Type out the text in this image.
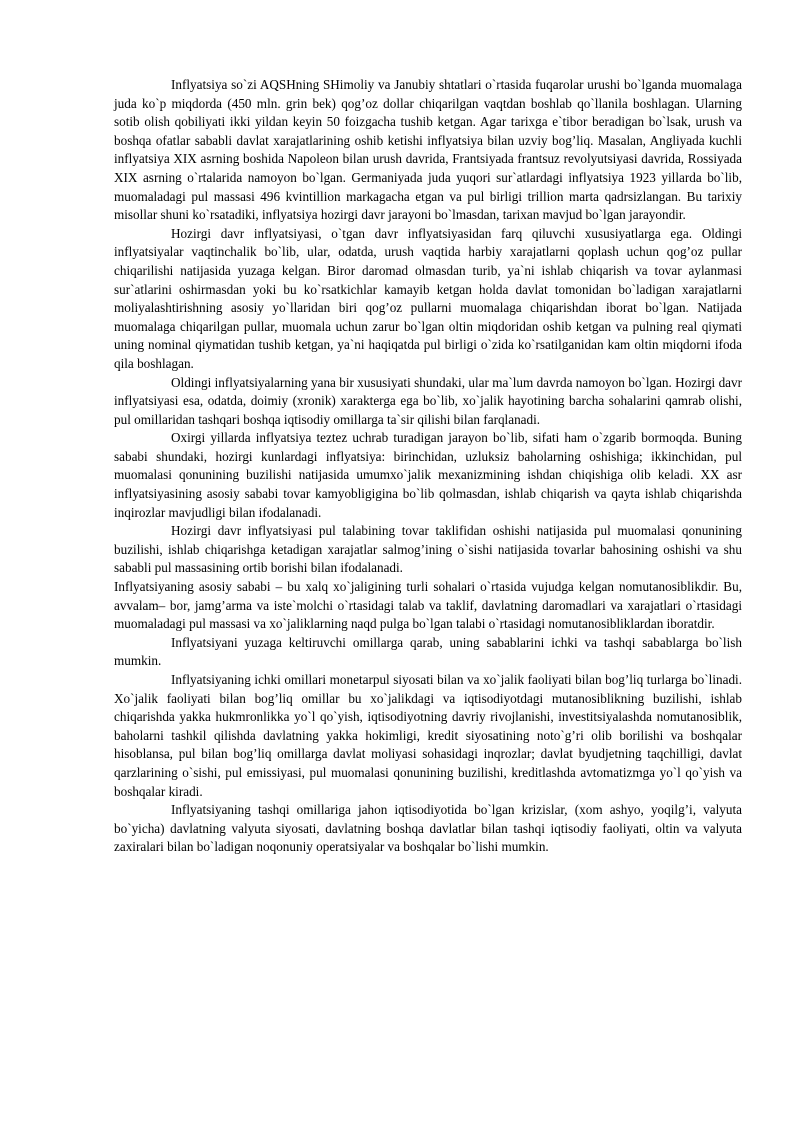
Inflyatsiya so`zi AQSHning SHimoliy va Janubiy shtatlari o`rtasida fuqarolar urushi bo`lganda muomalaga juda ko`p miqdorda (450 mln. grin bek) qog’oz dollar chiqarilgan vaqtdan boshlab qo`llanila boshlagan. Ularning sotib olish qobiliyati ikki yildan keyin 50 foizgacha tushib ketgan. Agar tarixga e`tibor beradigan bo`lsak, urush va boshqa ofatlar sababli davlat xarajatlarining oshib ketishi inflyatsiya bilan uzviy bog’liq. Masalan, Angliyada kuchli inflyatsiya XIX asrning boshida Napoleon bilan urush davrida, Frantsiyada frantsuz revolyutsiyasi davrida, Rossiyada XIX asrning o`rtalarida namoyon bo`lgan. Germaniyada juda yuqori sur`atlardagi inflyatsiya 1923 yillarda bo`lib, muomaladagi pul massasi 496 kvintillion markagacha etgan va pul birligi trillion marta qadrsizlangan. Bu tarixiy misollar shuni ko`rsatadiki, inflyatsiya hozirgi davr jarayoni bo`lmasdan, tarixan mavjud bo`lgan jarayondir.

Hozirgi davr inflyatsiyasi, o`tgan davr inflyatsiyasidan farq qiluvchi xususiyatlarga ega. Oldingi inflyatsiyalar vaqtinchalik bo`lib, ular, odatda, urush vaqtida harbiy xarajatlarni qoplash uchun qog’oz pullar chiqarilishi natijasida yuzaga kelgan. Biror daromad olmasdan turib, ya`ni ishlab chiqarish va tovar aylanmasi sur`atlarini oshirmasdan yoki bu ko`rsatkichlar kamayib ketgan holda davlat tomonidan bo`ladigan xarajatlarni moliyalashtirishning asosiy yo`llaridan biri qog’oz pullarni muomalaga chiqarishdan iborat bo`lgan. Natijada muomalaga chiqarilgan pullar, muomala uchun zarur bo`lgan oltin miqdoridan oshib ketgan va pulning real qiymati uning nominal qiymatidan tushib ketgan, ya`ni haqiqatda pul birligi o`zida ko`rsatilganidan kam oltin miqdorni ifoda qila boshlagan.

Oldingi inflyatsiyalarning yana bir xususiyati shundaki, ular ma`lum davrda namoyon bo`lgan. Hozirgi davr inflyatsiyasi esa, odatda, doimiy (xronik) xarakterga ega bo`lib, xo`jalik hayotining barcha sohalarini qamrab olishi, pul omillaridan tashqari boshqa iqtisodiy omillarga ta`sir qilishi bilan farqlanadi.

Oxirgi yillarda inflyatsiya teztez uchrab turadigan jarayon bo`lib, sifati ham o`zgarib bormoqda. Buning sababi shundaki, hozirgi kunlardagi inflyatsiya: birinchidan, uzluksiz baholarning oshishiga; ikkinchidan, pul muomalasi qonunining buzilishi natijasida umumxo`jalik mexanizmining ishdan chiqishiga olib keladi. XX asr inflyatsiyasining asosiy sababi tovar kamyobligigina bo`lib qolmasdan, ishlab chiqarish va qayta ishlab chiqarishda inqirozlar mavjudligi bilan ifodalanadi.

Hozirgi davr inflyatsiyasi pul talabining tovar taklifidan oshishi natijasida pul muomalasi qonunining buzilishi, ishlab chiqarishga ketadigan xarajatlar salmog’ining o`sishi natijasida tovarlar bahosining oshishi va shu sababli pul massasining ortib borishi bilan ifodalanadi.

Inflyatsiyaning asosiy sababi – bu xalq xo`jaligining turli sohalari o`rtasida vujudga kelgan nomutanosiblikdir. Bu, avvalam– bor, jamg’arma va iste`molchi o`rtasidagi talab va taklif, davlatning daromadlari va xarajatlari o`rtasidagi muomaladagi pul massasi va xo`jaliklarning naqd pulga bo`lgan talabi o`rtasidagi nomutanosibliklardan iboratdir.

Inflyatsiyani yuzaga keltiruvchi omillarga qarab, uning sabablarini ichki va tashqi sabablarga bo`lish mumkin.

Inflyatsiyaning ichki omillari monetarpul siyosati bilan va xo`jalik faoliyati bilan bog’liq turlarga bo`linadi. Xo`jalik faoliyati bilan bog’liq omillar bu xo`jalikdagi va iqtisodiyotdagi mutanosiblikning buzilishi, ishlab chiqarishda yakka hukmronlikka yo`l qo`yish, iqtisodiyotning davriy rivojlanishi, investitsiyalashda nomutanosiblik, baholarni tashkil qilishda davlatning yakka hokimligi, kredit siyosatining noto`g’ri olib borilishi va boshqalar hisoblansa, pul bilan bog’liq omillarga davlat moliyasi sohasidagi inqrozlar; davlat byudjetning taqchilligi, davlat qarzlarining o`sishi, pul emissiyasi, pul muomalasi qonunining buzilishi, kreditlashda avtomatizmga yo`l qo`yish va boshqalar kiradi.

Inflyatsiyaning tashqi omillariga jahon iqtisodiyotida bo`lgan krizislar, (xom ashyo, yoqilg’i, valyuta bo`yicha) davlatning valyuta siyosati, davlatning boshqa davlatlar bilan tashqi iqtisodiy faoliyati, oltin va valyuta zaxiralari bilan bo`ladigan noqonuniy operatsiyalar va boshqalar bo`lishi mumkin.
